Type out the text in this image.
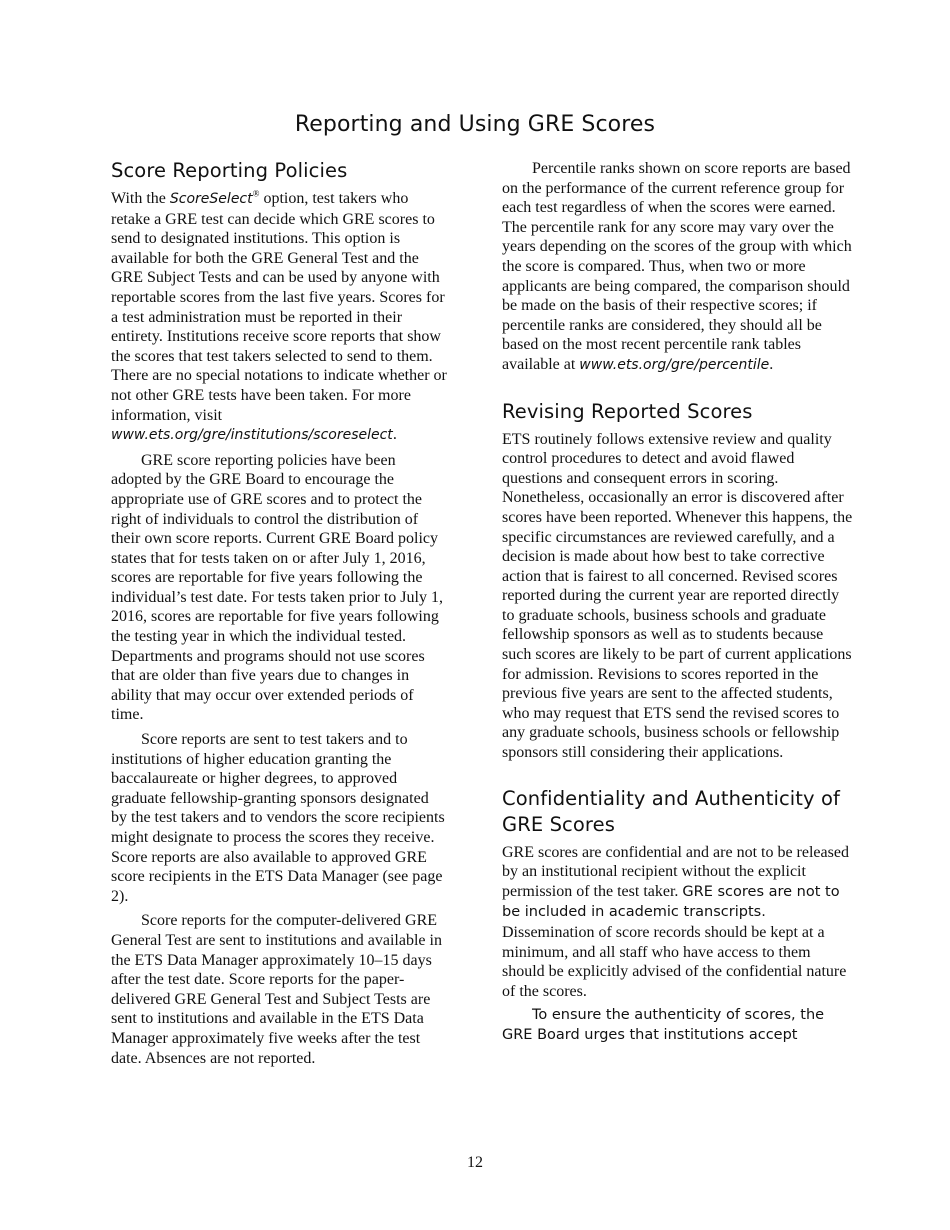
Reporting and Using GRE Scores
Score Reporting Policies

With the ScoreSelect® option, test takers who retake a GRE test can decide which GRE scores to send to designated institutions. This option is available for both the GRE General Test and the GRE Subject Tests and can be used by anyone with reportable scores from the last five years. Scores for a test administration must be reported in their entirety. Institutions receive score reports that show the scores that test takers selected to send to them. There are no special notations to indicate whether or not other GRE tests have been taken. For more information, visit www.ets.org/gre/institutions/scoreselect.

GRE score reporting policies have been adopted by the GRE Board to encourage the appropriate use of GRE scores and to protect the right of individuals to control the distribution of their own score reports. Current GRE Board policy states that for tests taken on or after July 1, 2016, scores are reportable for five years following the individual’s test date. For tests taken prior to July 1, 2016, scores are reportable for five years following the testing year in which the individual tested. Departments and programs should not use scores that are older than five years due to changes in ability that may occur over extended periods of time.

Score reports are sent to test takers and to institutions of higher education granting the baccalaureate or higher degrees, to approved graduate fellowship-granting sponsors designated by the test takers and to vendors the score recipients might designate to process the scores they receive. Score reports are also available to approved GRE score recipients in the ETS Data Manager (see page 2).

Score reports for the computer-delivered GRE General Test are sent to institutions and available in the ETS Data Manager approximately 10–15 days after the test date. Score reports for the paper-delivered GRE General Test and Subject Tests are sent to institutions and available in the ETS Data Manager approximately five weeks after the test date. Absences are not reported.

Percentile ranks shown on score reports are based on the performance of the current reference group for each test regardless of when the scores were earned. The percentile rank for any score may vary over the years depending on the scores of the group with which the score is compared. Thus, when two or more applicants are being compared, the comparison should be made on the basis of their respective scores; if percentile ranks are considered, they should all be based on the most recent percentile rank tables available at www.ets.org/gre/percentile.

Revising Reported Scores

ETS routinely follows extensive review and quality control procedures to detect and avoid flawed questions and consequent errors in scoring. Nonetheless, occasionally an error is discovered after scores have been reported. Whenever this happens, the specific circumstances are reviewed carefully, and a decision is made about how best to take corrective action that is fairest to all concerned. Revised scores reported during the current year are reported directly to graduate schools, business schools and graduate fellowship sponsors as well as to students because such scores are likely to be part of current applications for admission. Revisions to scores reported in the previous five years are sent to the affected students, who may request that ETS send the revised scores to any graduate schools, business schools or fellowship sponsors still considering their applications.

Confidentiality and Authenticity of GRE Scores

GRE scores are confidential and are not to be released by an institutional recipient without the explicit permission of the test taker. GRE scores are not to be included in academic transcripts. Dissemination of score records should be kept at a minimum, and all staff who have access to them should be explicitly advised of the confidential nature of the scores.

To ensure the authenticity of scores, the GRE Board urges that institutions accept

12
